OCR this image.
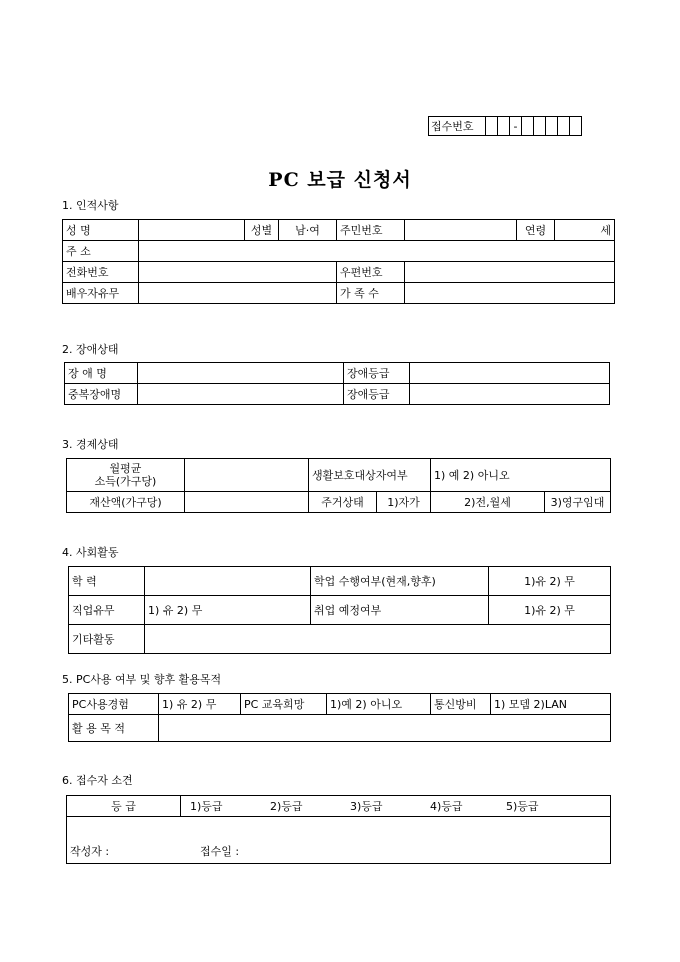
접수번호			-					
PC 보급 신청서
1. 인적사항
성 명		성별	남·여	주민번호		연령	세
주 소							
전화번호				우편번호			
배우자유무				가 족 수			
2. 장애상태
장 애 명		장애등급	
중복장애명		장애등급	
3. 경제상태
월평균
소득(가구당)		생활보호대상자여부		1) 예 2) 아니오	
재산액(가구당)		주거상태	1)자가	2)전,월세	3)영구임대
4. 사회활동
학 력		학업 수행여부(현재,향후)	1)유 2) 무
직업유무	1) 유 2) 무	취업 예정여부	1)유 2) 무
기타활동			
5. PC사용 여부 및 향후 활용목적
PC사용경험	1) 유 2) 무	PC 교육희망	1)예 2) 아니오	통신방비	1) 모뎀 2)LAN
활 용 목 적					
6. 접수자 소견
등 급	1)등급	2)등급	3)등급	4)등급	5)등급
작성자 :	접수일 :
